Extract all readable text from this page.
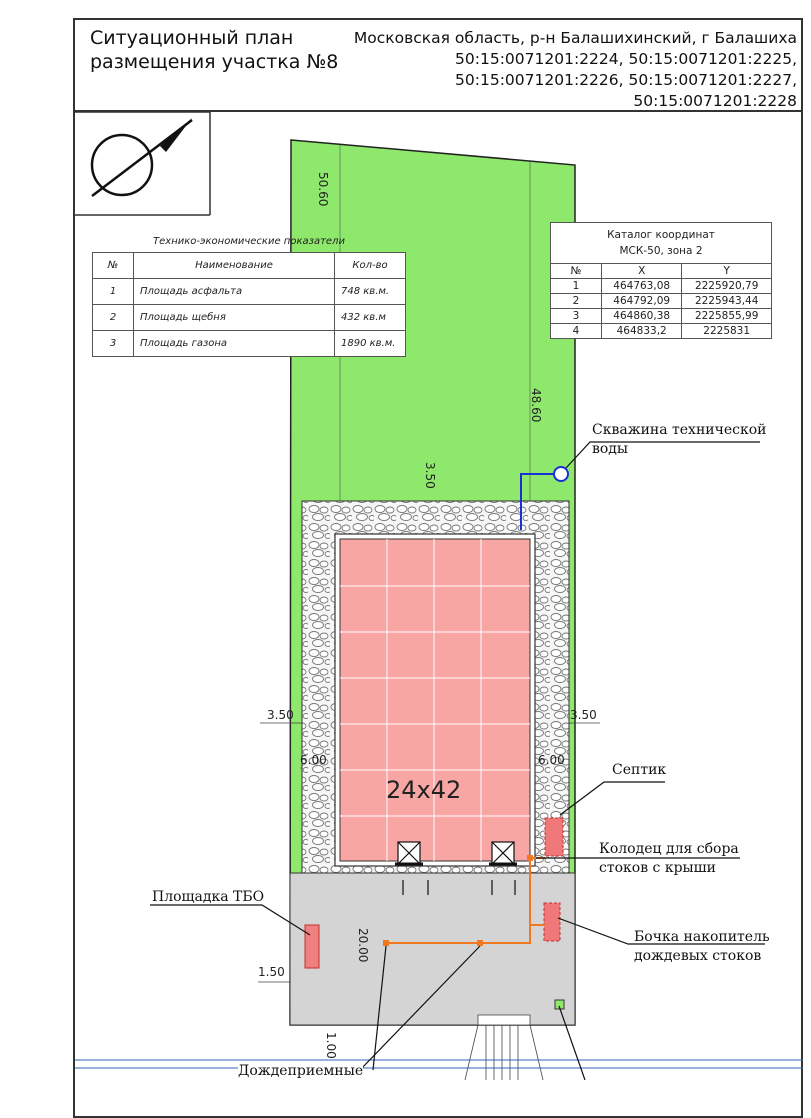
Ситуационный план
размещения участка №8
Московская область, р-н Балашихинский, г Балашиха
50:15:0071201:2224, 50:15:0071201:2225,
50:15:0071201:2226, 50:15:0071201:2227,
50:15:0071201:2228
50.60
48.60
3.50
3.50	3.50
6.00	6.00
20.00
1.50
1.00
24x42
Скважина технической
воды
Септик
Колодец для сбора
стоков с крыши
Бочка накопитель
дождевых стоков
Площадка ТБО
Дождеприемные
Технико-экономические показатели
№	Наименование	Кол-во
1	Площадь асфальта	748 кв.м.
2	Площадь щебня	432 кв.м
3	Площадь газона	1890 кв.м.
Каталог координат
МСК-50, зона 2		
№	X	Y
1	464763,08	2225920,79
2	464792,09	2225943,44
3	464860,38	2225855,99
4	464833,2	2225831
